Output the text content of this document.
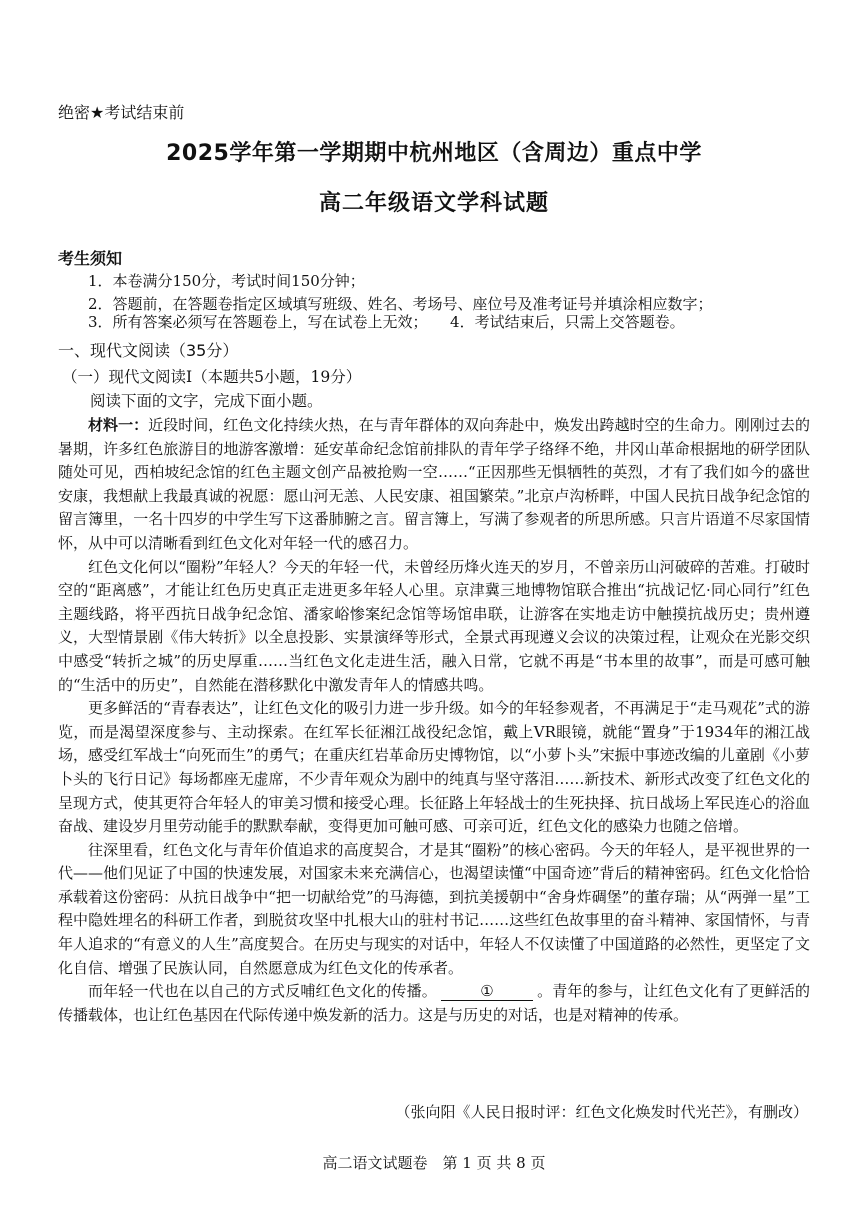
绝密★考试结束前
2025学年第一学期期中杭州地区（含周边）重点中学
高二年级语文学科试题
考生须知
1．本卷满分150分，考试时间150分钟；
2．答题前，在答题卷指定区域填写班级、姓名、考场号、座位号及准考证号并填涂相应数字；
3．所有答案必须写在答题卷上，写在试卷上无效；　　4．考试结束后，只需上交答题卷。
一、现代文阅读（35分）
（一）现代文阅读Ⅰ（本题共5小题，19分）
阅读下面的文字，完成下面小题。

材料一：近段时间，红色文化持续火热，在与青年群体的双向奔赴中，焕发出跨越时空的生命力。刚刚过去的暑期，许多红色旅游目的地游客激增：延安革命纪念馆前排队的青年学子络绎不绝，井冈山革命根据地的研学团队随处可见，西柏坡纪念馆的红色主题文创产品被抢购一空……“正因那些无惧牺牲的英烈，才有了我们如今的盛世安康，我想献上我最真诚的祝愿：愿山河无恙、人民安康、祖国繁荣。”北京卢沟桥畔，中国人民抗日战争纪念馆的留言簿里，一名十四岁的中学生写下这番肺腑之言。留言簿上，写满了参观者的所思所感。只言片语道不尽家国情怀，从中可以清晰看到红色文化对年轻一代的感召力。

红色文化何以“圈粉”年轻人？今天的年轻一代，未曾经历烽火连天的岁月，不曾亲历山河破碎的苦难。打破时空的“距离感”，才能让红色历史真正走进更多年轻人心里。京津冀三地博物馆联合推出“抗战记忆·同心同行”红色主题线路，将平西抗日战争纪念馆、潘家峪惨案纪念馆等场馆串联，让游客在实地走访中触摸抗战历史；贵州遵义，大型情景剧《伟大转折》以全息投影、实景演绎等形式，全景式再现遵义会议的决策过程，让观众在光影交织中感受“转折之城”的历史厚重……当红色文化走进生活，融入日常，它就不再是“书本里的故事”，而是可感可触的“生活中的历史”，自然能在潜移默化中激发青年人的情感共鸣。

更多鲜活的“青春表达”，让红色文化的吸引力进一步升级。如今的年轻参观者，不再满足于“走马观花”式的游览，而是渴望深度参与、主动探索。在红军长征湘江战役纪念馆，戴上VR眼镜，就能“置身”于1934年的湘江战场，感受红军战士“向死而生”的勇气；在重庆红岩革命历史博物馆，以“小萝卜头”宋振中事迹改编的儿童剧《小萝卜头的飞行日记》每场都座无虚席，不少青年观众为剧中的纯真与坚守落泪……新技术、新形式改变了红色文化的呈现方式，使其更符合年轻人的审美习惯和接受心理。长征路上年轻战士的生死抉择、抗日战场上军民连心的浴血奋战、建设岁月里劳动能手的默默奉献，变得更加可触可感、可亲可近，红色文化的感染力也随之倍增。

往深里看，红色文化与青年价值追求的高度契合，才是其“圈粉”的核心密码。今天的年轻人，是平视世界的一代——他们见证了中国的快速发展，对国家未来充满信心，也渴望读懂“中国奇迹”背后的精神密码。红色文化恰恰承载着这份密码：从抗日战争中“把一切献给党”的马海德，到抗美援朝中“舍身炸碉堡”的董存瑞；从“两弹一星”工程中隐姓埋名的科研工作者，到脱贫攻坚中扎根大山的驻村书记……这些红色故事里的奋斗精神、家国情怀，与青年人追求的“有意义的人生”高度契合。在历史与现实的对话中，年轻人不仅读懂了中国道路的必然性，更坚定了文化自信、增强了民族认同，自然愿意成为红色文化的传承者。

而年轻一代也在以自己的方式反哺红色文化的传播。	①	。青年的参与，让红色文化有了更鲜活的传播载体，也让红色基因在代际传递中焕发新的活力。这是与历史的对话，也是对精神的传承。

（张向阳《人民日报时评：红色文化焕发时代光芒》，有删改）
高二语文试题卷　第 1 页 共 8 页
